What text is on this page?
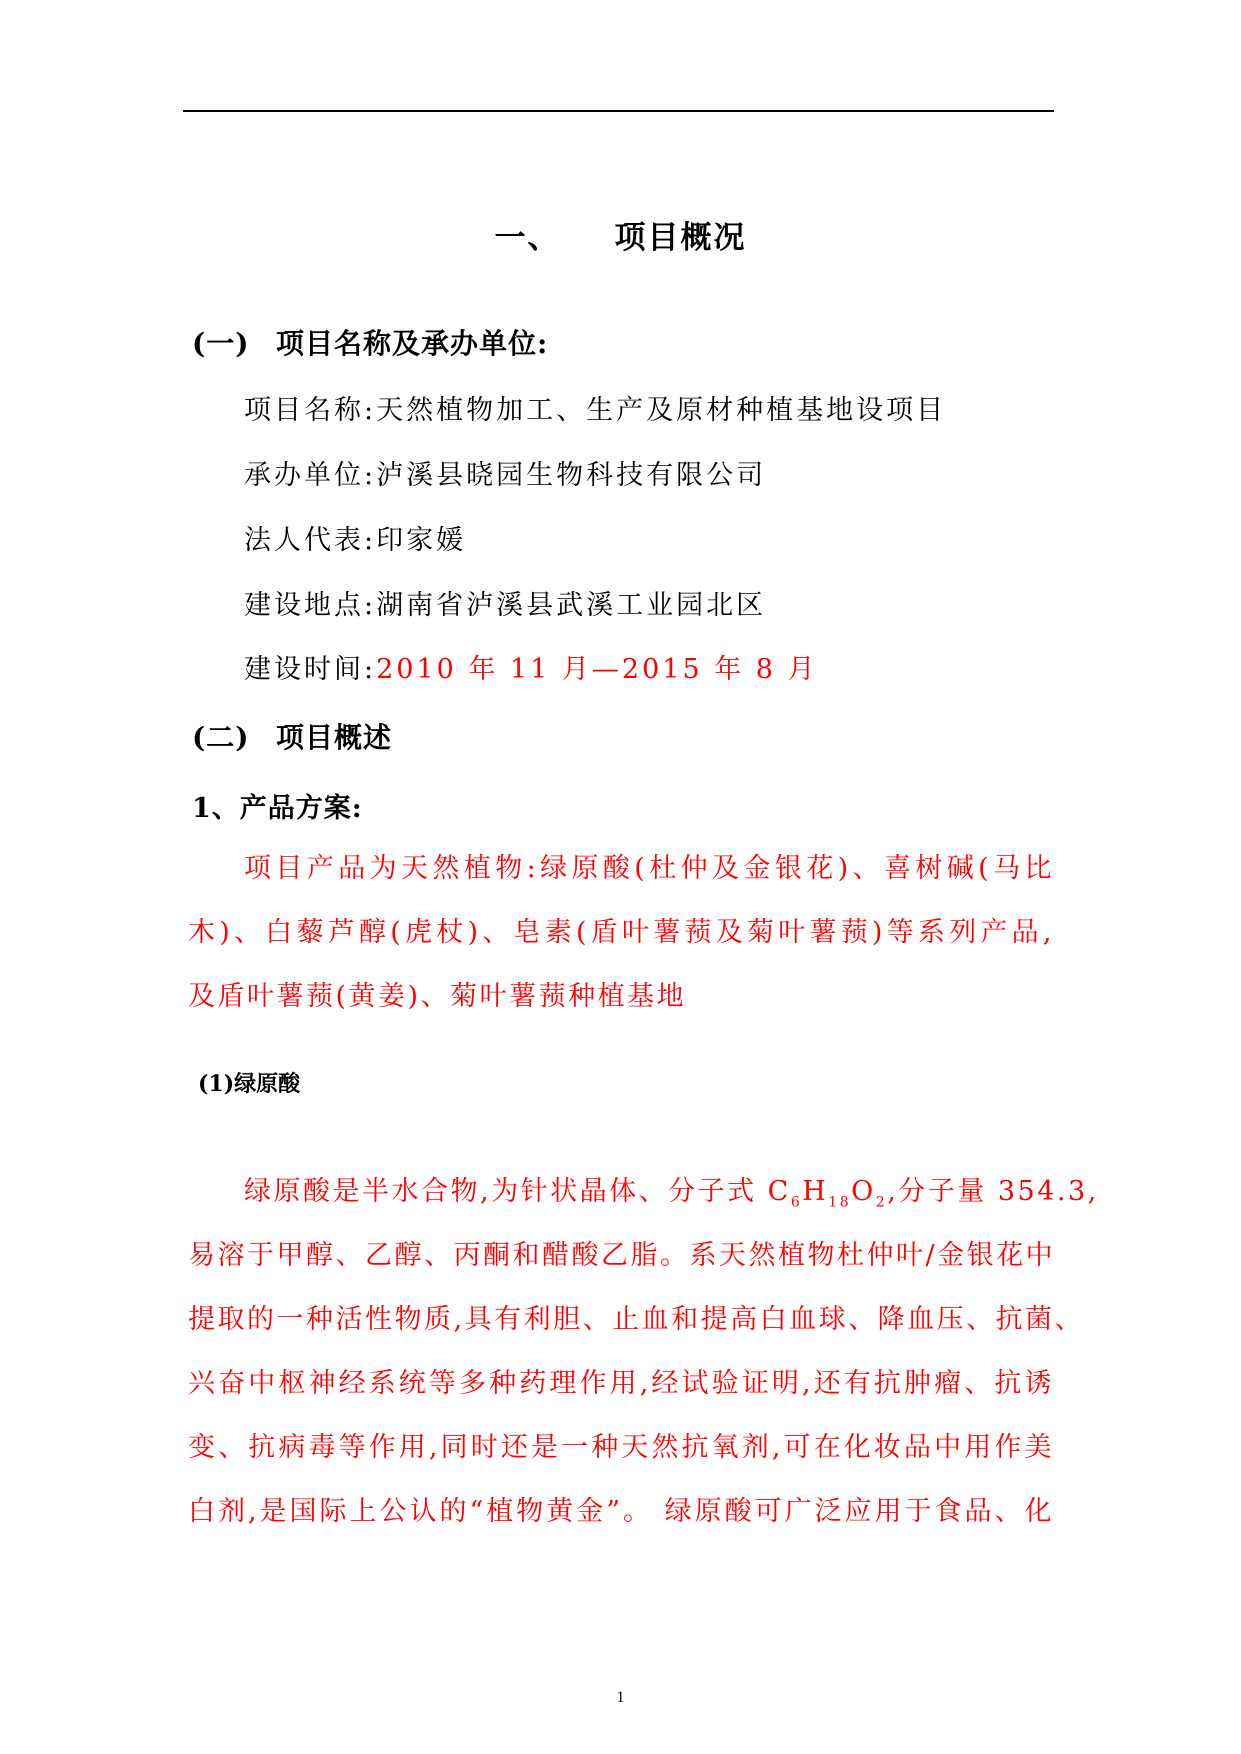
一、 项目概况
(一) 项目名称及承办单位:
项目名称:天然植物加工、生产及原材种植基地设项目
承办单位:泸溪县晓园生物科技有限公司
法人代表:印家媛
建设地点:湖南省泸溪县武溪工业园北区
建设时间:2010 年 11 月—2015 年 8 月
(二) 项目概述
1、产品方案:
项目产品为天然植物:绿原酸(杜仲及金银花)、喜树碱(马比
木)、白藜芦醇(虎杖)、皂素(盾叶薯蓣及菊叶薯蓣)等系列产品,
及盾叶薯蓣(黄姜)、菊叶薯蓣种植基地
(1)绿原酸
绿原酸是半水合物,为针状晶体、分子式 $C_6H_{18}O_2$,分子量 354.3,
易溶于甲醇、乙醇、丙酮和醋酸乙脂。系天然植物杜仲叶/金银花中
提取的一种活性物质,具有利胆、止血和提高白血球、降血压、抗菌、
兴奋中枢神经系统等多种药理作用,经试验证明,还有抗肿瘤、抗诱
变、抗病毒等作用,同时还是一种天然抗氧剂,可在化妆品中用作美
白剂,是国际上公认的“植物黄金”。 绿原酸可广泛应用于食品、化
1
